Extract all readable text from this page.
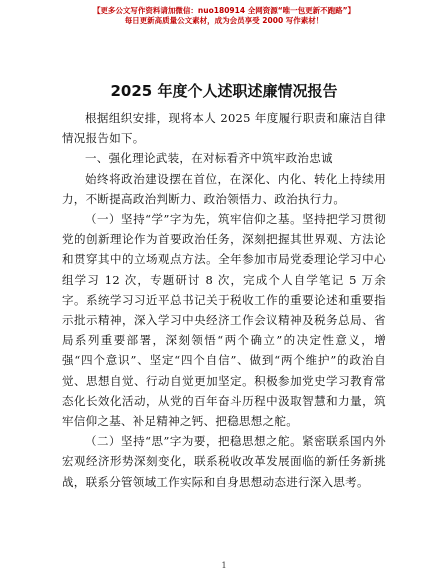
【更多公文写作资料请加微信：nuo180914 全网资源“唯一包更新不跑路”】
每日更新高质量公文素材，成为会员享受 2000 写作素材！
2025 年度个人述职述廉情况报告

根据组织安排，现将本人 2025 年度履行职责和廉洁自律情况报告如下。

一、强化理论武装，在对标看齐中筑牢政治忠诚

始终将政治建设摆在首位，在深化、内化、转化上持续用力，不断提高政治判断力、政治领悟力、政治执行力。

（一）坚持“学”字为先，筑牢信仰之基。坚持把学习贯彻党的创新理论作为首要政治任务，深刻把握其世界观、方法论和贯穿其中的立场观点方法。全年参加市局党委理论学习中心组学习 12 次，专题研讨 8 次，完成个人自学笔记 5 万余字。系统学习习近平总书记关于税收工作的重要论述和重要指示批示精神，深入学习中央经济工作会议精神及税务总局、省局系列重要部署，深刻领悟“两个确立”的决定性意义，增强“四个意识”、坚定“四个自信”、做到“两个维护”的政治自觉、思想自觉、行动自觉更加坚定。积极参加党史学习教育常态化长效化活动，从党的百年奋斗历程中汲取智慧和力量，筑牢信仰之基、补足精神之钙、把稳思想之舵。

（二）坚持“思”字为要，把稳思想之舵。紧密联系国内外宏观经济形势深刻变化，联系税收改革发展面临的新任务新挑战，联系分管领域工作实际和自身思想动态进行深入思考。

1
